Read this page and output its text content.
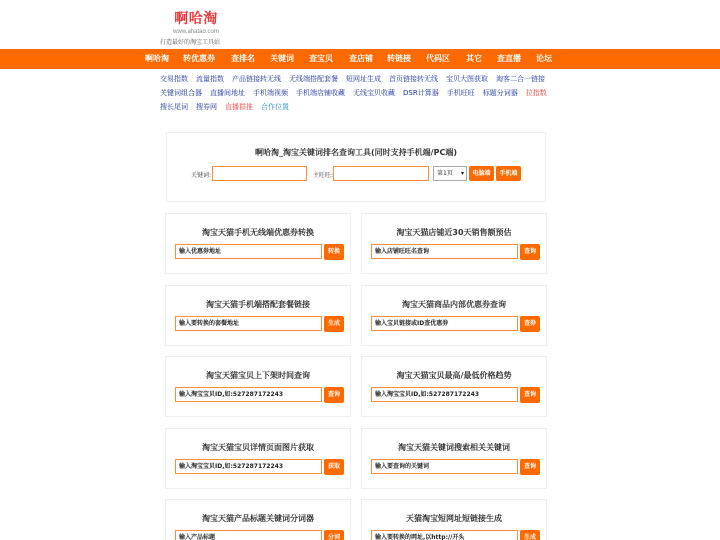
啊哈淘
www.ahatao.com
打造最好的淘宝工具站
啊哈淘	转优惠券	查排名	关键词	查宝贝	查店铺	转链接	代码区	其它	查直播	论坛
交易指数 流量指数 产品链接转无线 无线端搭配套餐 短网址生成 首页链接转无线 宝贝大图获取 淘客二合一链接
关键词组合器 直播间地址 手机端视频 手机端店铺收藏 无线宝贝收藏 DSR计算器 手机旺旺 标题分词器 拉指数
搜长尾词 搜券网 直播群推 合作位置
啊哈淘_淘宝关键词排名查询工具(同时支持手机端/PC端)
关键词:	主旺旺:	第1页 ▾	电脑端	手机端
淘宝天猫手机无线端优惠券转换
输入优惠券地址	转换
淘宝天猫店铺近30天销售额预估
输入店铺旺旺名查询	查询
淘宝天猫手机端搭配套餐链接
输入要转换的套餐地址	生成
淘宝天猫商品内部优惠券查询
输入宝贝链接或ID查优惠券	查券
淘宝天猫宝贝上下架时间查询
输入淘宝宝贝ID,如:527287172243	查询
淘宝天猫宝贝最高/最低价格趋势
输入淘宝宝贝ID,如:527287172243	查询
淘宝天猫宝贝详情页面图片获取
输入淘宝宝贝ID,如:527287172243	获取
淘宝天猫关键词搜索相关关键词
输入要查询的关键词	查询
淘宝天猫产品标题关键词分词器
输入产品标题	分词
天猫淘宝短网址短链接生成
输入要转换的网址,以http://开头	生成
